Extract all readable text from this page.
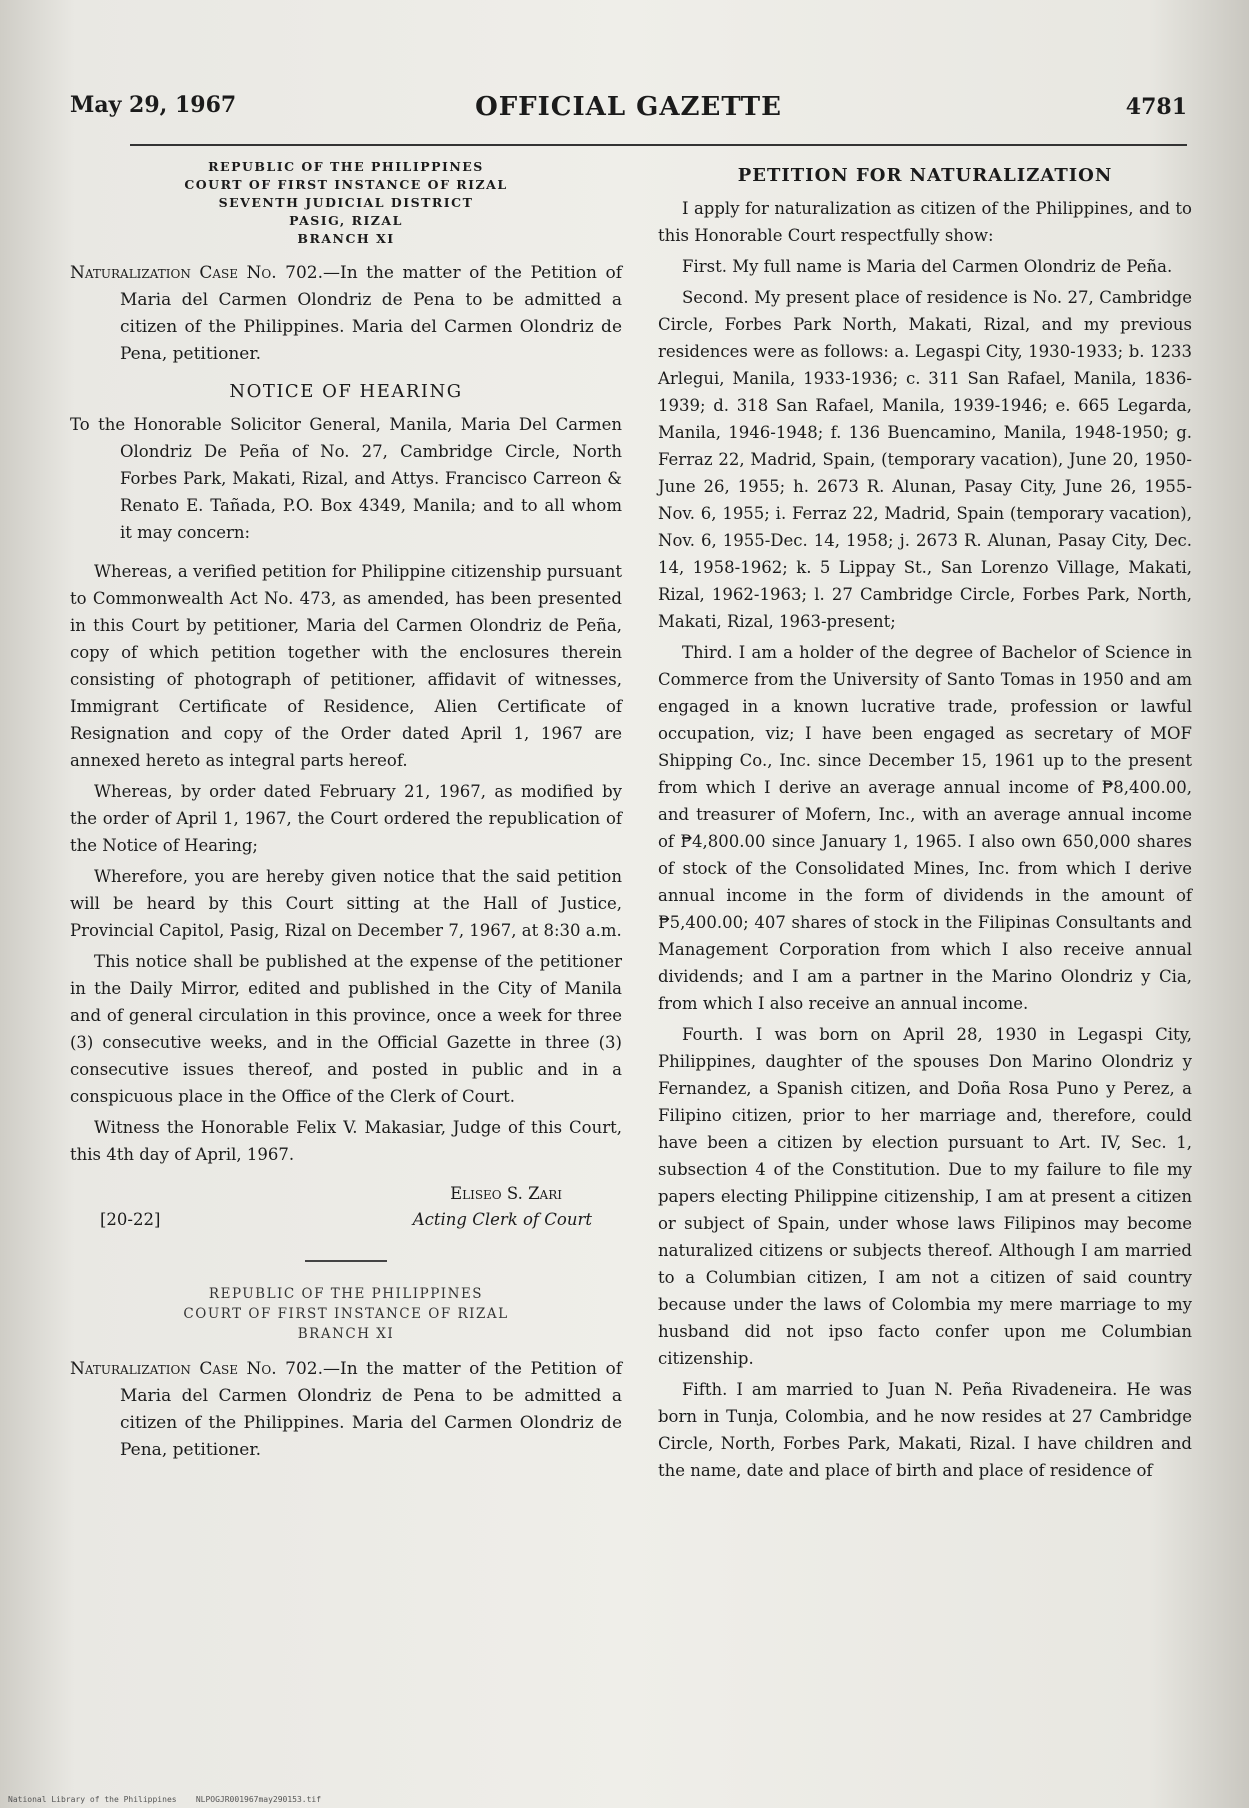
May 29, 1967	OFFICIAL GAZETTE	4781
REPUBLIC OF THE PHILIPPINES
COURT OF FIRST INSTANCE OF RIZAL
SEVENTH JUDICIAL DISTRICT
PASIG, RIZAL
BRANCH XI

Naturalization Case No. 702.—In the matter of the Petition of Maria del Carmen Olondriz de Pena to be admitted a citizen of the Philippines. Maria del Carmen Olondriz de Pena, petitioner.

NOTICE OF HEARING

To the Honorable Solicitor General, Manila, Maria Del Carmen Olondriz De Peña of No. 27, Cambridge Circle, North Forbes Park, Makati, Rizal, and Attys. Francisco Carreon & Renato E. Tañada, P.O. Box 4349, Manila; and to all whom it may concern:

Whereas, a verified petition for Philippine citizenship pursuant to Commonwealth Act No. 473, as amended, has been presented in this Court by petitioner, Maria del Carmen Olondriz de Peña, copy of which petition together with the enclosures therein consisting of photograph of petitioner, affidavit of witnesses, Immigrant Certificate of Residence, Alien Certificate of Resignation and copy of the Order dated April 1, 1967 are annexed hereto as integral parts hereof.

Whereas, by order dated February 21, 1967, as modified by the order of April 1, 1967, the Court ordered the republication of the Notice of Hearing;

Wherefore, you are hereby given notice that the said petition will be heard by this Court sitting at the Hall of Justice, Provincial Capitol, Pasig, Rizal on December 7, 1967, at 8:30 a.m.

This notice shall be published at the expense of the petitioner in the Daily Mirror, edited and published in the City of Manila and of general circulation in this province, once a week for three (3) consecutive weeks, and in the Official Gazette in three (3) consecutive issues thereof, and posted in public and in a conspicuous place in the Office of the Clerk of Court.

Witness the Honorable Felix V. Makasiar, Judge of this Court, this 4th day of April, 1967.

Eliseo S. Zari
[20-22]	Acting Clerk of Court
REPUBLIC OF THE PHILIPPINES
COURT OF FIRST INSTANCE OF RIZAL
BRANCH XI

Naturalization Case No. 702.—In the matter of the Petition of Maria del Carmen Olondriz de Pena to be admitted a citizen of the Philippines. Maria del Carmen Olondriz de Pena, petitioner.

PETITION FOR NATURALIZATION

I apply for naturalization as citizen of the Philippines, and to this Honorable Court respectfully show:

First. My full name is Maria del Carmen Olondriz de Peña.

Second. My present place of residence is No. 27, Cambridge Circle, Forbes Park North, Makati, Rizal, and my previous residences were as follows: a. Legaspi City, 1930-1933; b. 1233 Arlegui, Manila, 1933-1936; c. 311 San Rafael, Manila, 1836-1939; d. 318 San Rafael, Manila, 1939-1946; e. 665 Legarda, Manila, 1946-1948; f. 136 Buencamino, Manila, 1948-1950; g. Ferraz 22, Madrid, Spain, (temporary vacation), June 20, 1950-June 26, 1955; h. 2673 R. Alunan, Pasay City, June 26, 1955-Nov. 6, 1955; i. Ferraz 22, Madrid, Spain (temporary vacation), Nov. 6, 1955-Dec. 14, 1958; j. 2673 R. Alunan, Pasay City, Dec. 14, 1958-1962; k. 5 Lippay St., San Lorenzo Village, Makati, Rizal, 1962-1963; l. 27 Cambridge Circle, Forbes Park, North, Makati, Rizal, 1963-present;

Third. I am a holder of the degree of Bachelor of Science in Commerce from the University of Santo Tomas in 1950 and am engaged in a known lucrative trade, profession or lawful occupation, viz; I have been engaged as secretary of MOF Shipping Co., Inc. since December 15, 1961 up to the present from which I derive an average annual income of ₱8,400.00, and treasurer of Mofern, Inc., with an average annual income of ₱4,800.00 since January 1, 1965. I also own 650,000 shares of stock of the Consolidated Mines, Inc. from which I derive annual income in the form of dividends in the amount of ₱5,400.00; 407 shares of stock in the Filipinas Consultants and Management Corporation from which I also receive annual dividends; and I am a partner in the Marino Olondriz y Cia, from which I also receive an annual income.

Fourth. I was born on April 28, 1930 in Legaspi City, Philippines, daughter of the spouses Don Marino Olondriz y Fernandez, a Spanish citizen, and Doña Rosa Puno y Perez, a Filipino citizen, prior to her marriage and, therefore, could have been a citizen by election pursuant to Art. IV, Sec. 1, subsection 4 of the Constitution. Due to my failure to file my papers electing Philippine citizenship, I am at present a citizen or subject of Spain, under whose laws Filipinos may become naturalized citizens or subjects thereof. Although I am married to a Columbian citizen, I am not a citizen of said country because under the laws of Colombia my mere marriage to my husband did not ipso facto confer upon me Columbian citizenship.

Fifth. I am married to Juan N. Peña Rivadeneira. He was born in Tunja, Colombia, and he now resides at 27 Cambridge Circle, North, Forbes Park, Makati, Rizal. I have children and the name, date and place of birth and place of residence of

National Library of the Philippines    NLPOGJR001967may290153.tif
